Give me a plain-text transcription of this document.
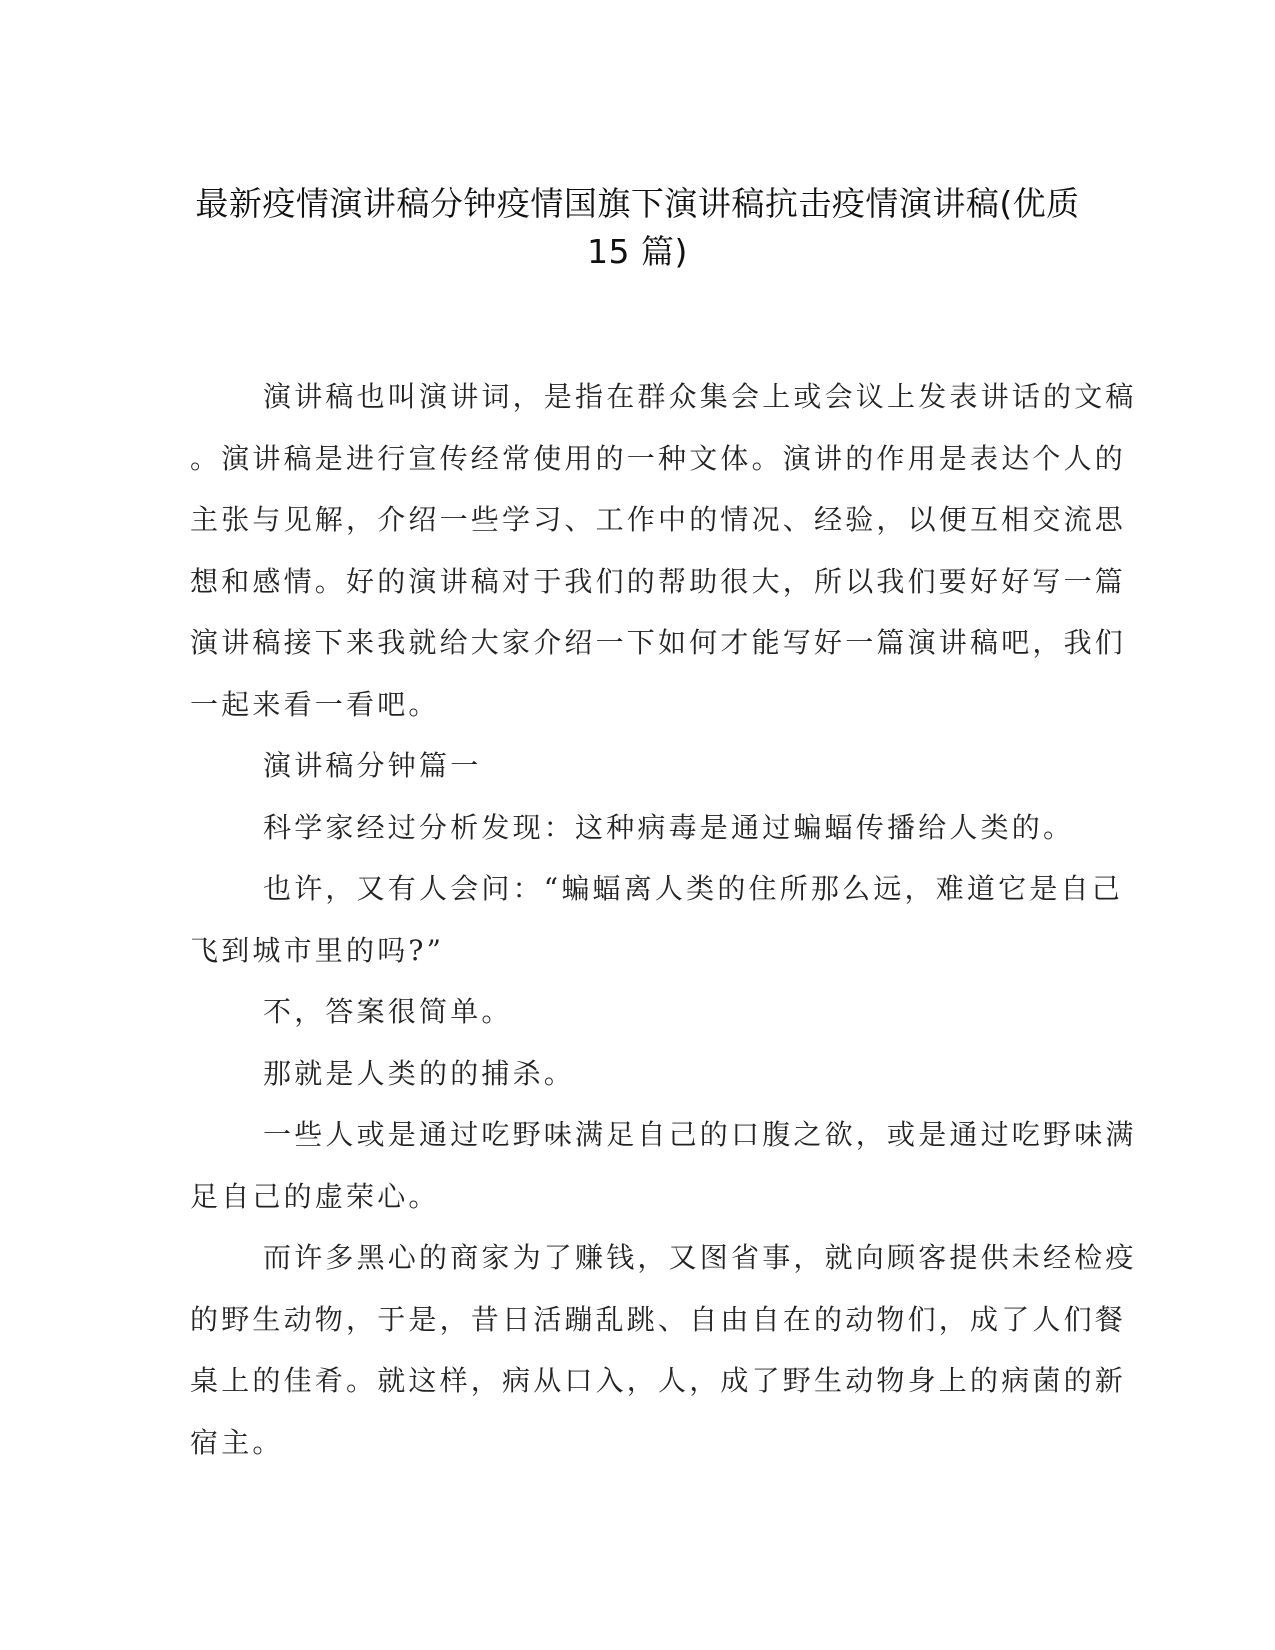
最新疫情演讲稿分钟疫情国旗下演讲稿抗击疫情演讲稿(优质
15 篇)
演讲稿也叫演讲词，是指在群众集会上或会议上发表讲话的文稿
。演讲稿是进行宣传经常使用的一种文体。演讲的作用是表达个人的
主张与见解，介绍一些学习、工作中的情况、经验，以便互相交流思
想和感情。好的演讲稿对于我们的帮助很大，所以我们要好好写一篇
演讲稿接下来我就给大家介绍一下如何才能写好一篇演讲稿吧，我们
一起来看一看吧。
演讲稿分钟篇一
科学家经过分析发现：这种病毒是通过蝙蝠传播给人类的。
也许，又有人会问：“蝙蝠离人类的住所那么远，难道它是自己
飞到城市里的吗?”
不，答案很简单。
那就是人类的的捕杀。
一些人或是通过吃野味满足自己的口腹之欲，或是通过吃野味满
足自己的虚荣心。
而许多黑心的商家为了赚钱，又图省事，就向顾客提供未经检疫
的野生动物，于是，昔日活蹦乱跳、自由自在的动物们，成了人们餐
桌上的佳肴。就这样，病从口入，人，成了野生动物身上的病菌的新
宿主。
